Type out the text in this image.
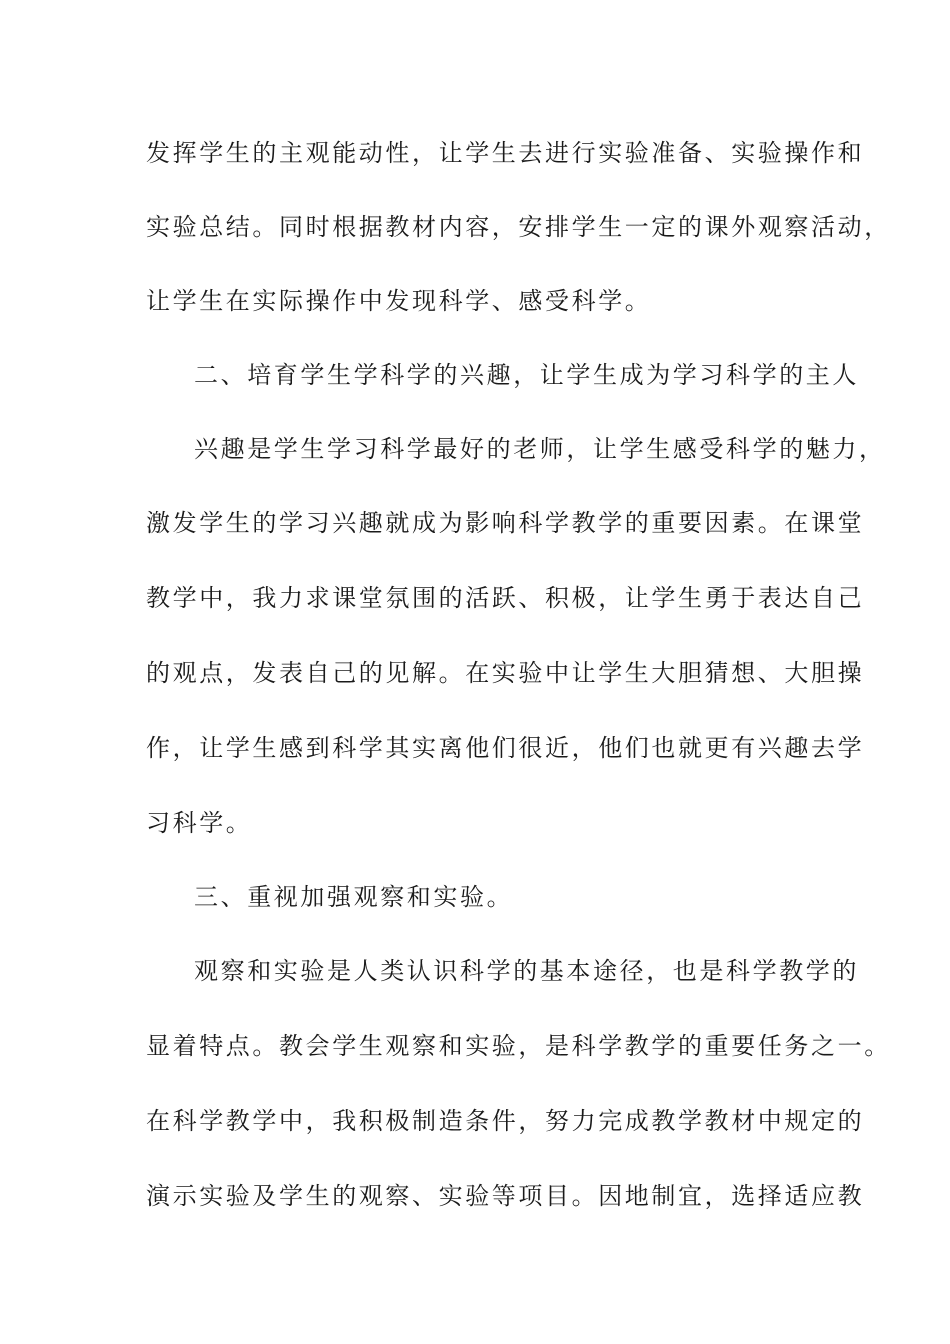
发挥学生的主观能动性，让学生去进行实验准备、实验操作和
实验总结。同时根据教材内容，安排学生一定的课外观察活动，
让学生在实际操作中发现科学、感受科学。
二、培育学生学科学的兴趣，让学生成为学习科学的主人
兴趣是学生学习科学最好的老师，让学生感受科学的魅力，
激发学生的学习兴趣就成为影响科学教学的重要因素。在课堂
教学中，我力求课堂氛围的活跃、积极，让学生勇于表达自己
的观点，发表自己的见解。在实验中让学生大胆猜想、大胆操
作，让学生感到科学其实离他们很近，他们也就更有兴趣去学
习科学。
三、重视加强观察和实验。
观察和实验是人类认识科学的基本途径，也是科学教学的
显着特点。教会学生观察和实验，是科学教学的重要任务之一。
在科学教学中，我积极制造条件，努力完成教学教材中规定的
演示实验及学生的观察、实验等项目。因地制宜，选择适应教
